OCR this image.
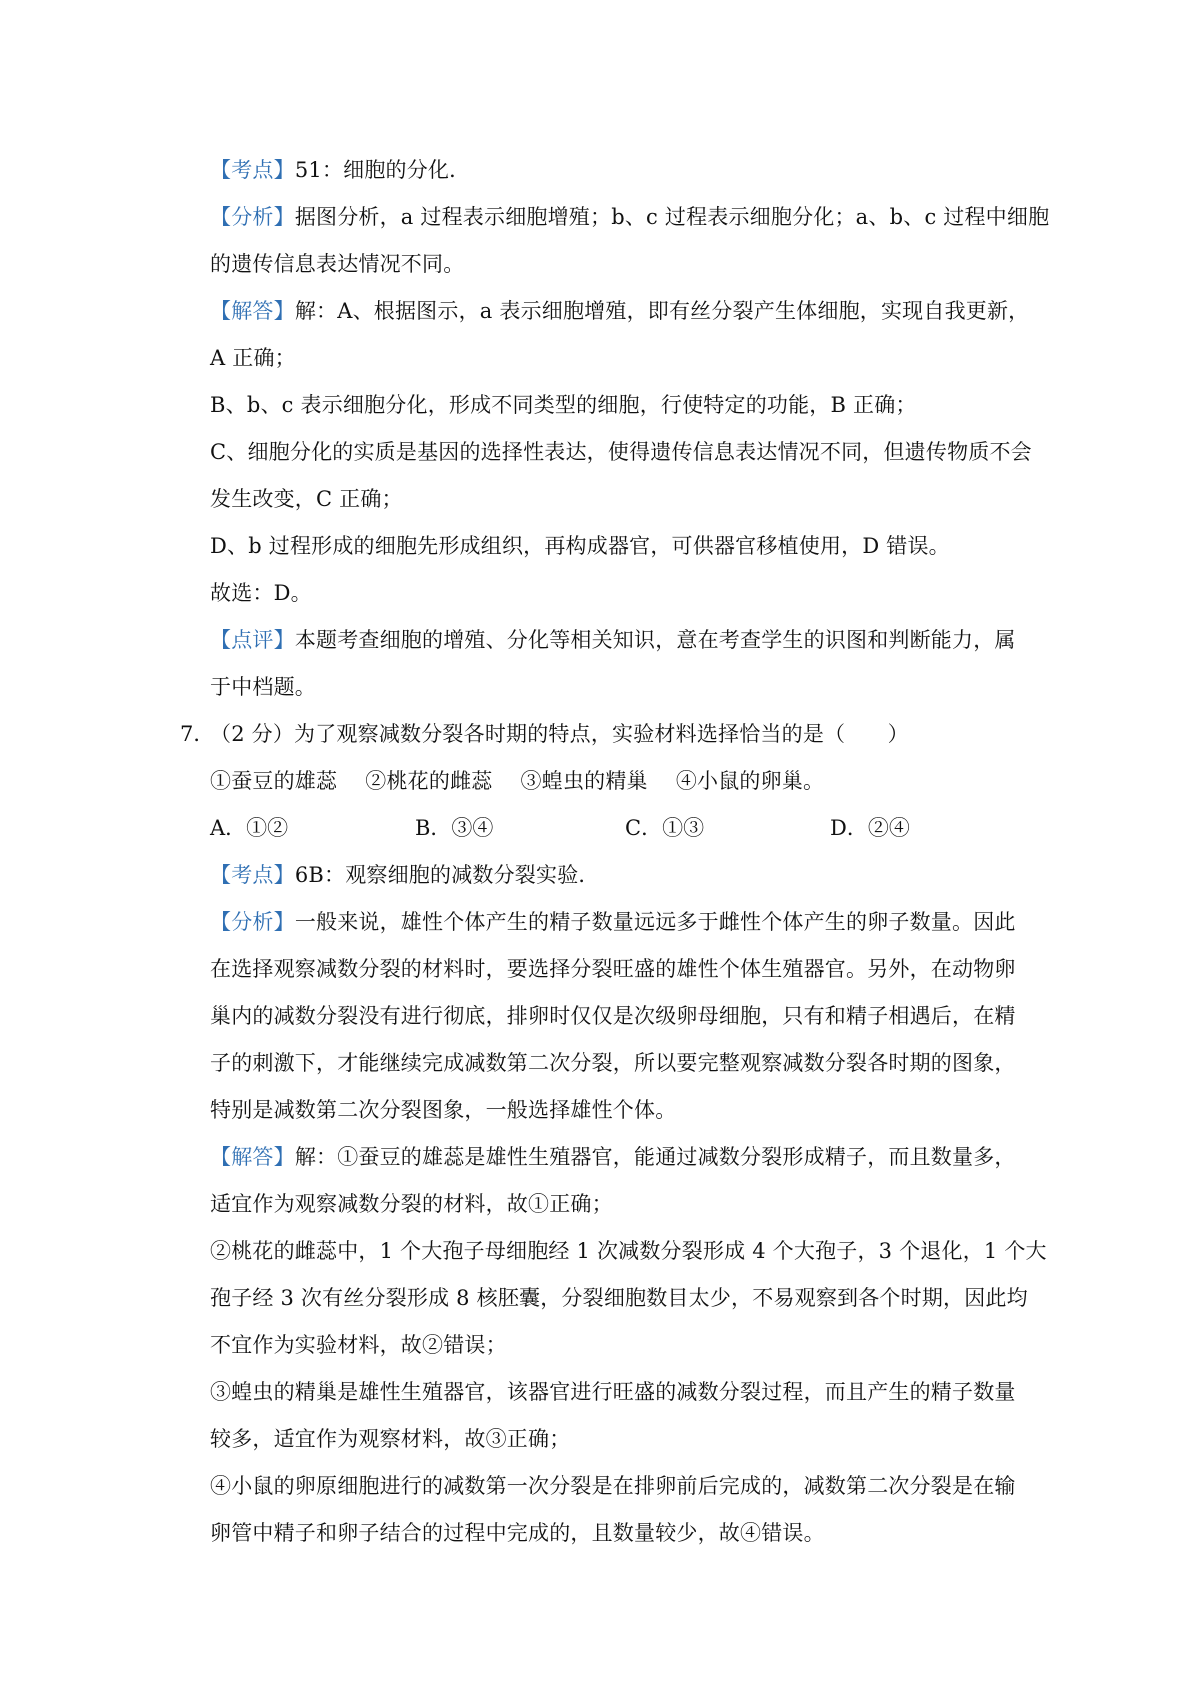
【考点】51：细胞的分化．
【分析】据图分析，a 过程表示细胞增殖；b、c 过程表示细胞分化；a、b、c 过程中细胞
的遗传信息表达情况不同。
【解答】解：A、根据图示，a 表示细胞增殖，即有丝分裂产生体细胞，实现自我更新，
A 正确；
B、b、c 表示细胞分化，形成不同类型的细胞，行使特定的功能，B 正确；
C、细胞分化的实质是基因的选择性表达，使得遗传信息表达情况不同，但遗传物质不会
发生改变，C 正确；
D、b 过程形成的细胞先形成组织，再构成器官，可供器官移植使用，D 错误。
故选：D。
【点评】本题考查细胞的增殖、分化等相关知识，意在考查学生的识图和判断能力，属
于中档题。
7．
（2 分）为了观察减数分裂各时期的特点，实验材料选择恰当的是（　　）
①蚕豆的雄蕊　 ②桃花的雌蕊　 ③蝗虫的精巢　 ④小鼠的卵巢。
A．①②	B．③④	C．①③	D．②④
【考点】6B：观察细胞的减数分裂实验．
【分析】一般来说，雄性个体产生的精子数量远远多于雌性个体产生的卵子数量。因此
在选择观察减数分裂的材料时，要选择分裂旺盛的雄性个体生殖器官。另外，在动物卵
巢内的减数分裂没有进行彻底，排卵时仅仅是次级卵母细胞，只有和精子相遇后，在精
子的刺激下，才能继续完成减数第二次分裂，所以要完整观察减数分裂各时期的图象，
特别是减数第二次分裂图象，一般选择雄性个体。
【解答】解：①蚕豆的雄蕊是雄性生殖器官，能通过减数分裂形成精子，而且数量多，
适宜作为观察减数分裂的材料，故①正确；
②桃花的雌蕊中，1 个大孢子母细胞经 1 次减数分裂形成 4 个大孢子，3 个退化，1 个大
孢子经 3 次有丝分裂形成 8 核胚囊，分裂细胞数目太少，不易观察到各个时期，因此均
不宜作为实验材料，故②错误；
③蝗虫的精巢是雄性生殖器官，该器官进行旺盛的减数分裂过程，而且产生的精子数量
较多，适宜作为观察材料，故③正确；
④小鼠的卵原细胞进行的减数第一次分裂是在排卵前后完成的，减数第二次分裂是在输
卵管中精子和卵子结合的过程中完成的，且数量较少，故④错误。
